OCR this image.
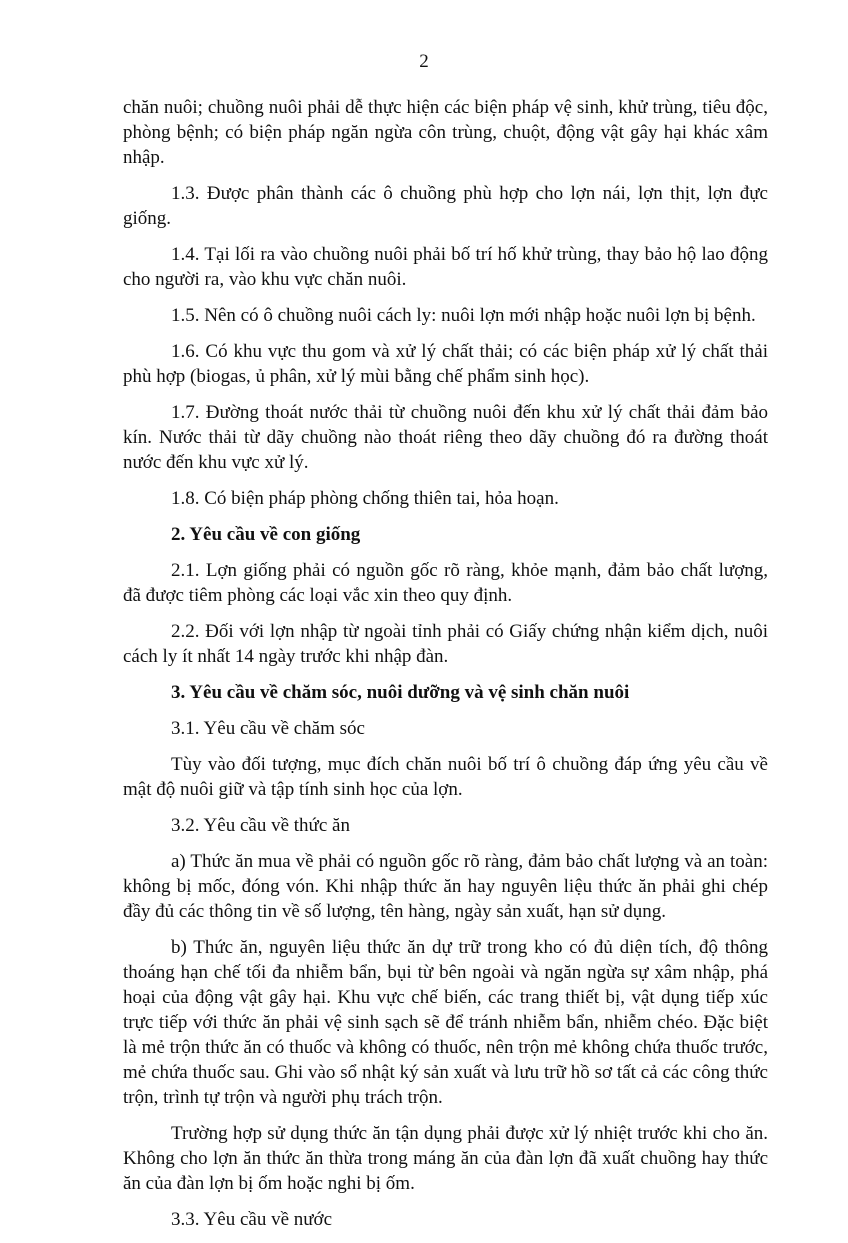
2

chăn nuôi; chuồng nuôi phải dễ thực hiện các biện pháp vệ sinh, khử trùng, tiêu độc, phòng bệnh; có biện pháp ngăn ngừa côn trùng, chuột, động vật gây hại khác xâm nhập.

1.3. Được phân thành các ô chuồng phù hợp cho lợn nái, lợn thịt, lợn đực giống.

1.4. Tại lối ra vào chuồng nuôi phải bố trí hố khử trùng, thay bảo hộ lao động cho người ra, vào khu vực chăn nuôi.

1.5. Nên có ô chuồng nuôi cách ly: nuôi lợn mới nhập hoặc nuôi lợn bị bệnh.

1.6. Có khu vực thu gom và xử lý chất thải; có các biện pháp xử lý chất thải phù hợp (biogas, ủ phân, xử lý mùi bằng chế phẩm sinh học).

1.7. Đường thoát nước thải từ chuồng nuôi đến khu xử lý chất thải đảm bảo kín. Nước thải từ dãy chuồng nào thoát riêng theo dãy chuồng đó ra đường thoát nước đến khu vực xử lý.

1.8. Có biện pháp phòng chống thiên tai, hỏa hoạn.

2. Yêu cầu về con giống

2.1. Lợn giống phải có nguồn gốc rõ ràng, khỏe mạnh, đảm bảo chất lượng, đã được tiêm phòng các loại vắc xin theo quy định.

2.2. Đối với lợn nhập từ ngoài tỉnh phải có Giấy chứng nhận kiểm dịch, nuôi cách ly ít nhất 14 ngày trước khi nhập đàn.

3. Yêu cầu về chăm sóc, nuôi dưỡng và vệ sinh chăn nuôi

3.1. Yêu cầu về chăm sóc

Tùy vào đối tượng, mục đích chăn nuôi bố trí ô chuồng đáp ứng yêu cầu về mật độ nuôi giữ và tập tính sinh học của lợn.

3.2. Yêu cầu về thức ăn

a) Thức ăn mua về phải có nguồn gốc rõ ràng, đảm bảo chất lượng và an toàn: không bị mốc, đóng vón. Khi nhập thức ăn hay nguyên liệu thức ăn phải ghi chép đầy đủ các thông tin về số lượng, tên hàng, ngày sản xuất, hạn sử dụng.

b) Thức ăn, nguyên liệu thức ăn dự trữ trong kho có đủ diện tích, độ thông thoáng hạn chế tối đa nhiễm bẩn, bụi từ bên ngoài và ngăn ngừa sự xâm nhập, phá hoại của động vật gây hại. Khu vực chế biến, các trang thiết bị, vật dụng tiếp xúc trực tiếp với thức ăn phải vệ sinh sạch sẽ để tránh nhiễm bẩn, nhiễm chéo. Đặc biệt là mẻ trộn thức ăn có thuốc và không có thuốc, nên trộn mẻ không chứa thuốc trước, mẻ chứa thuốc sau. Ghi vào sổ nhật ký sản xuất và lưu trữ hồ sơ tất cả các công thức trộn, trình tự trộn và người phụ trách trộn.

Trường hợp sử dụng thức ăn tận dụng phải được xử lý nhiệt trước khi cho ăn. Không cho lợn ăn thức ăn thừa trong máng ăn của đàn lợn đã xuất chuồng hay thức ăn của đàn lợn bị ốm hoặc nghi bị ốm.

3.3. Yêu cầu về nước
